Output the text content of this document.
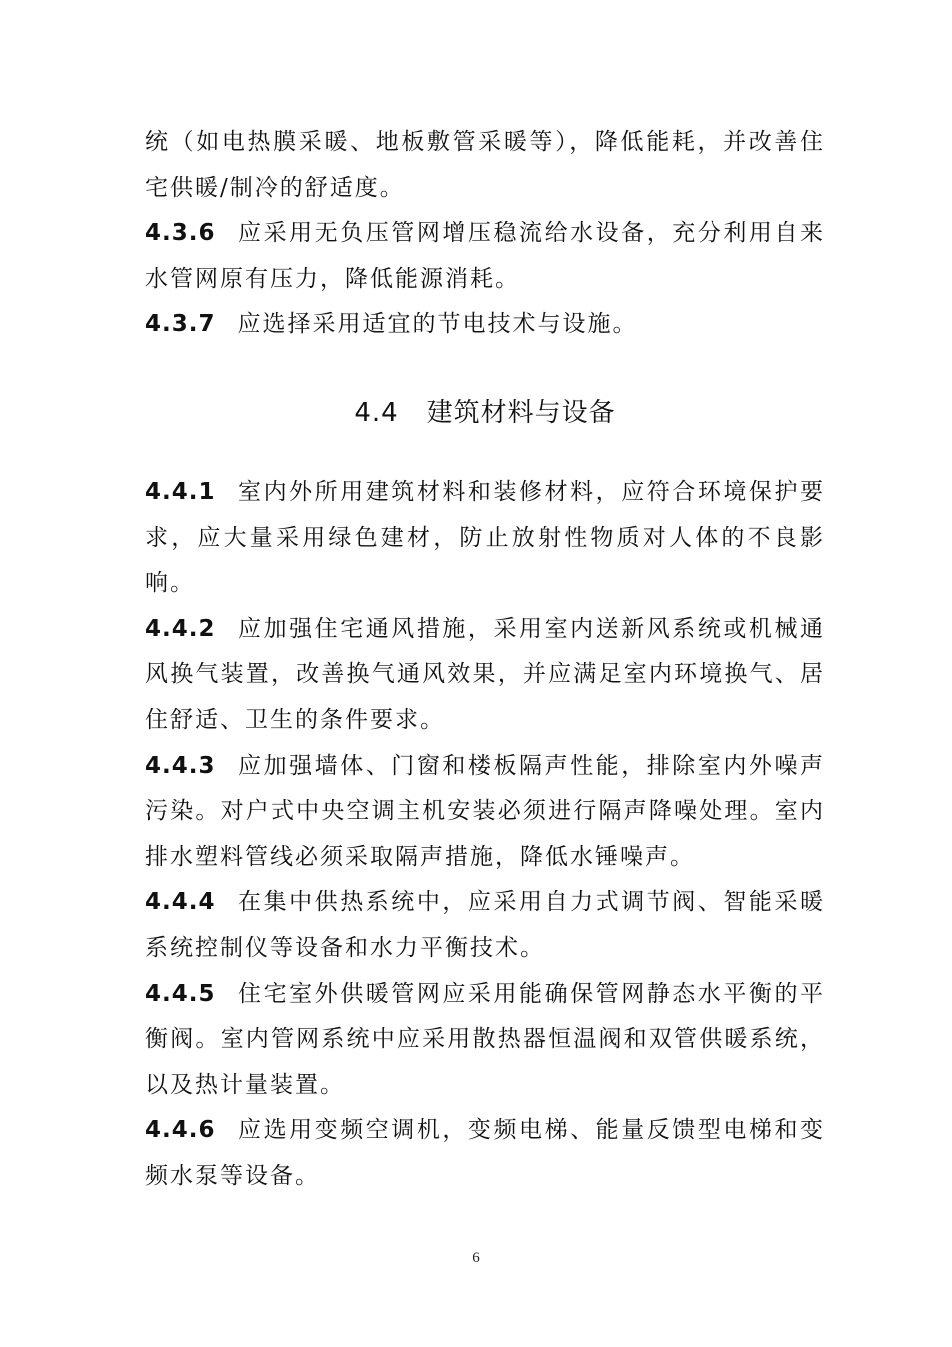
统（如电热膜采暖、地板敷管采暖等），降低能耗，并改善住宅供暖/制冷的舒适度。

4.3.6 应采用无负压管网增压稳流给水设备，充分利用自来水管网原有压力，降低能源消耗。

4.3.7 应选择采用适宜的节电技术与设施。

4.4 建筑材料与设备

4.4.1 室内外所用建筑材料和装修材料，应符合环境保护要求，应大量采用绿色建材，防止放射性物质对人体的不良影响。

4.4.2 应加强住宅通风措施，采用室内送新风系统或机械通风换气装置，改善换气通风效果，并应满足室内环境换气、居住舒适、卫生的条件要求。

4.4.3 应加强墙体、门窗和楼板隔声性能，排除室内外噪声污染。对户式中央空调主机安装必须进行隔声降噪处理。室内排水塑料管线必须采取隔声措施，降低水锤噪声。

4.4.4 在集中供热系统中，应采用自力式调节阀、智能采暖系统控制仪等设备和水力平衡技术。

4.4.5 住宅室外供暖管网应采用能确保管网静态水平衡的平衡阀。室内管网系统中应采用散热器恒温阀和双管供暖系统，以及热计量装置。

4.4.6 应选用变频空调机，变频电梯、能量反馈型电梯和变频水泵等设备。

6
